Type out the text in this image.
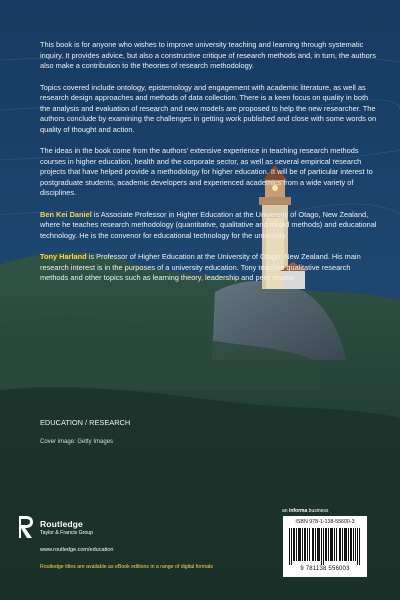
This book is for anyone who wishes to improve university teaching and learning through systematic inquiry. It provides advice, but also a constructive critique of research methods and, in turn, the authors also make a contribution to the theories of research methodology.

Topics covered include ontology, epistemology and engagement with academic literature, as well as research design approaches and methods of data collection. There is a keen focus on quality in both the analysis and evaluation of research and new models are proposed to help the new researcher. The authors conclude by examining the challenges in getting work published and close with some words on quality of thought and action.

The ideas in the book come from the authors’ extensive experience in teaching research methods courses in higher education, health and the corporate sector, as well as several empirical research projects that have helped provide a methodology for higher education. It will be of particular interest to postgraduate students, academic developers and experienced academics from a wide variety of disciplines.

Ben Kei Daniel is Associate Professor in Higher Education at the University of Otago, New Zealand, where he teaches research methodology (quantitative, qualitative and mixed methods) and educational technology. He is the convenor for educational technology for the university.

Tony Harland is Professor of Higher Education at the University of Otago, New Zealand. His main research interest is in the purposes of a university education. Tony teaches qualitative research methods and other topics such as learning theory, leadership and peer review.

EDUCATION / RESEARCH
Cover image: Getty Images
Routledge
Taylor & Francis Group
www.routledge.com/education
Routledge titles are available as eBook editions in a range of digital formats
an informa business
ISBN 978-1-138-55600-3
9 781138 556003
